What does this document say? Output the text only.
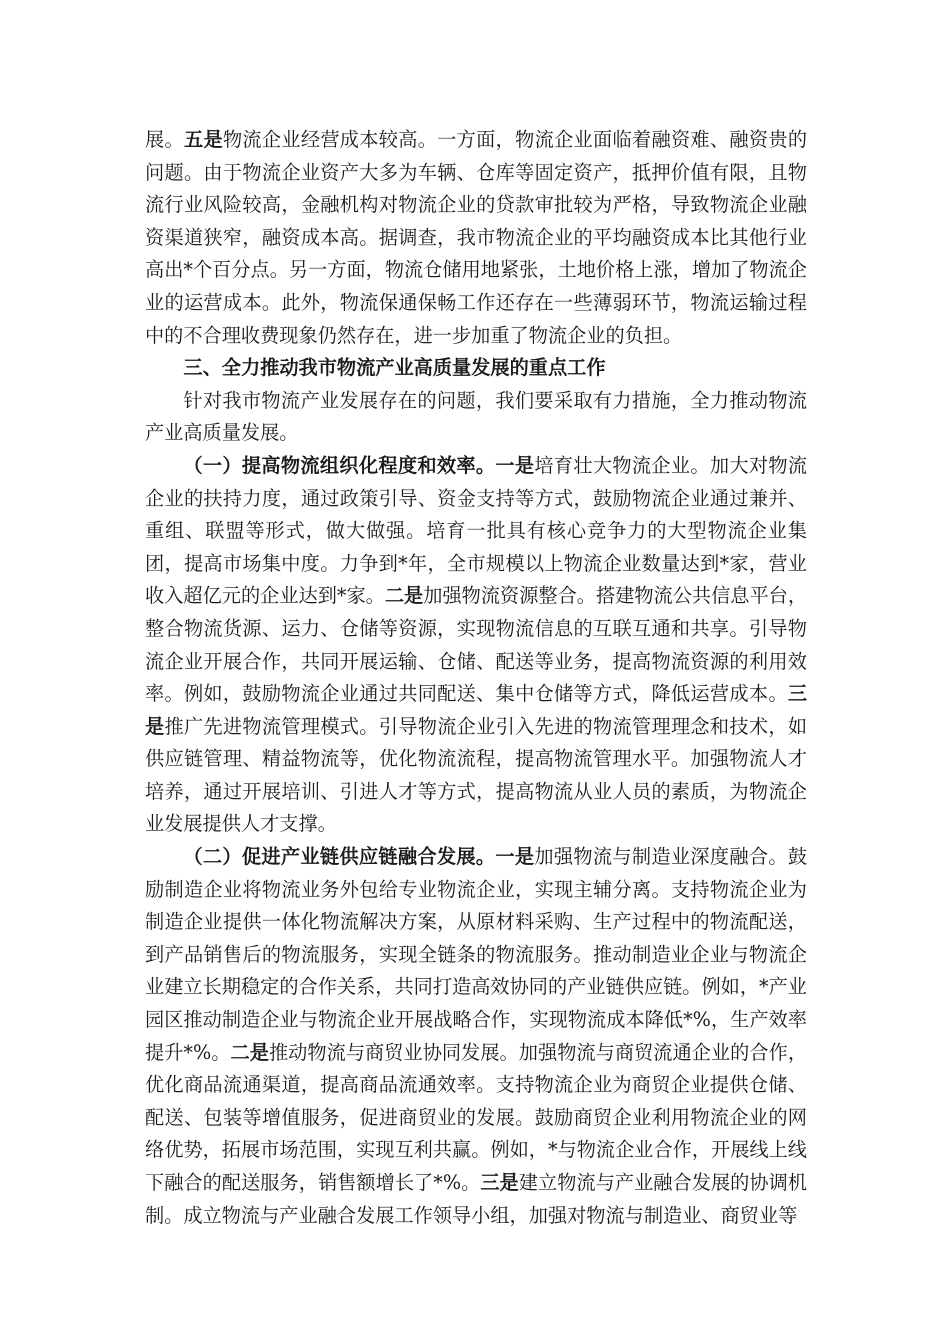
展。五是物流企业经营成本较高。一方面，物流企业面临着融资难、融资贵的问题。由于物流企业资产大多为车辆、仓库等固定资产，抵押价值有限，且物流行业风险较高，金融机构对物流企业的贷款审批较为严格，导致物流企业融资渠道狭窄，融资成本高。据调查，我市物流企业的平均融资成本比其他行业高出*个百分点。另一方面，物流仓储用地紧张，土地价格上涨，增加了物流企业的运营成本。此外，物流保通保畅工作还存在一些薄弱环节，物流运输过程中的不合理收费现象仍然存在，进一步加重了物流企业的负担。

三、全力推动我市物流产业高质量发展的重点工作

针对我市物流产业发展存在的问题，我们要采取有力措施，全力推动物流产业高质量发展。

（一）提高物流组织化程度和效率。一是培育壮大物流企业。加大对物流企业的扶持力度，通过政策引导、资金支持等方式，鼓励物流企业通过兼并、重组、联盟等形式，做大做强。培育一批具有核心竞争力的大型物流企业集团，提高市场集中度。力争到*年，全市规模以上物流企业数量达到*家，营业收入超亿元的企业达到*家。二是加强物流资源整合。搭建物流公共信息平台，整合物流货源、运力、仓储等资源，实现物流信息的互联互通和共享。引导物流企业开展合作，共同开展运输、仓储、配送等业务，提高物流资源的利用效率。例如，鼓励物流企业通过共同配送、集中仓储等方式，降低运营成本。三是推广先进物流管理模式。引导物流企业引入先进的物流管理理念和技术，如供应链管理、精益物流等，优化物流流程，提高物流管理水平。加强物流人才培养，通过开展培训、引进人才等方式，提高物流从业人员的素质，为物流企业发展提供人才支撑。

（二）促进产业链供应链融合发展。一是加强物流与制造业深度融合。鼓励制造企业将物流业务外包给专业物流企业，实现主辅分离。支持物流企业为制造企业提供一体化物流解决方案，从原材料采购、生产过程中的物流配送，到产品销售后的物流服务，实现全链条的物流服务。推动制造业企业与物流企业建立长期稳定的合作关系，共同打造高效协同的产业链供应链。例如，*产业园区推动制造企业与物流企业开展战略合作，实现物流成本降低*%，生产效率提升*%。二是推动物流与商贸业协同发展。加强物流与商贸流通企业的合作，优化商品流通渠道，提高商品流通效率。支持物流企业为商贸企业提供仓储、配送、包装等增值服务，促进商贸业的发展。鼓励商贸企业利用物流企业的网络优势，拓展市场范围，实现互利共赢。例如，*与物流企业合作，开展线上线下融合的配送服务，销售额增长了*%。三是建立物流与产业融合发展的协调机制。成立物流与产业融合发展工作领导小组，加强对物流与制造业、商贸业等
